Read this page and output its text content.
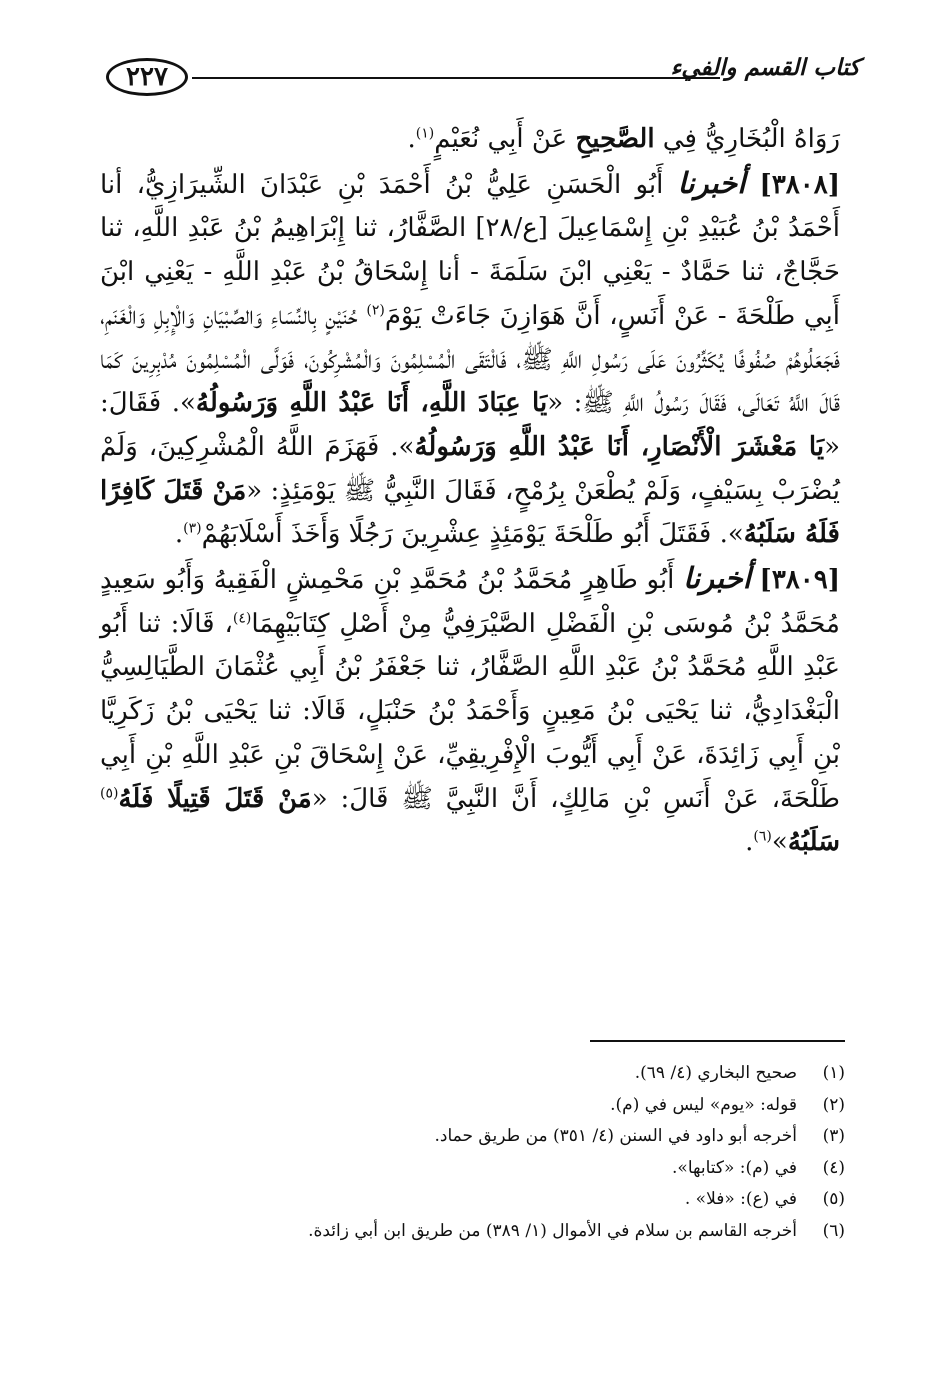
٢٢٧	كتاب القسم والفيء

رَوَاهُ الْبُخَارِيُّ فِي الصَّحِيحِ عَنْ أَبِي نُعَيْمٍ$^{(١)}$.

[٣٨٠٨] أخبرنا أَبُو الْحَسَنِ عَلِيُّ بْنُ أَحْمَدَ بْنِ عَبْدَانَ الشِّيرَازِيُّ، أنا أَحْمَدُ بْنُ عُبَيْدِ بْنِ إِسْمَاعِيلَ [ع/٢٨] الصَّفَّارُ، ثنا إِبْرَاهِيمُ بْنُ عَبْدِ اللَّهِ، ثنا حَجَّاجٌ، ثنا حَمَّادٌ - يَعْنِي ابْنَ سَلَمَةَ - أنا إِسْحَاقُ بْنُ عَبْدِ اللَّهِ - يَعْنِي ابْنَ أَبِي طَلْحَةَ - عَنْ أَنَسٍ، أَنَّ هَوَازِنَ جَاءَتْ يَوْمَ$^{(٢)}$ حُنَيْنٍ بِالنِّسَاءِ وَالصِّبْيَانِ وَالْإِبِلِ وَالْغَنَمِ، فَجَعَلُوهُمْ صُفُوفًا يُكَثِّرُونَ عَلَى رَسُولِ اللَّهِ ﷺ، فَالْتَقَى الْمُسْلِمُونَ وَالْمُشْرِكُونَ، فَوَلَّى الْمُسْلِمُونَ مُدْبِرِينَ كَمَا قَالَ اللَّهُ تَعَالَى، فَقَالَ رَسُولُ اللَّهِ ﷺ: «يَا عِبَادَ اللَّهِ، أَنَا عَبْدُ اللَّهِ وَرَسُولُهُ». فَقَالَ: «يَا مَعْشَرَ الْأَنْصَارِ، أَنَا عَبْدُ اللَّهِ وَرَسُولُهُ». فَهَزَمَ اللَّهُ الْمُشْرِكِينَ، وَلَمْ يُضْرَبْ بِسَيْفٍ، وَلَمْ يُطْعَنْ بِرُمْحٍ، فَقَالَ النَّبِيُّ ﷺ يَوْمَئِذٍ: «مَنْ قَتَلَ كَافِرًا فَلَهُ سَلَبُهُ». فَقَتَلَ أَبُو طَلْحَةَ يَوْمَئِذٍ عِشْرِينَ رَجُلًا وَأَخَذَ أَسْلَابَهُمْ$^{(٣)}$.

[٣٨٠٩] أخبرنا أَبُو طَاهِرٍ مُحَمَّدُ بْنُ مُحَمَّدِ بْنِ مَحْمِشٍ الْفَقِيهُ وَأَبُو سَعِيدٍ مُحَمَّدُ بْنُ مُوسَى بْنِ الْفَضْلِ الصَّيْرَفِيُّ مِنْ أَصْلِ كِتَابَيْهِمَا$^{(٤)}$، قَالَا: ثنا أَبُو عَبْدِ اللَّهِ مُحَمَّدُ بْنُ عَبْدِ اللَّهِ الصَّفَّارُ، ثنا جَعْفَرُ بْنُ أَبِي عُثْمَانَ الطَّيَالِسِيُّ الْبَغْدَادِيُّ، ثنا يَحْيَى بْنُ مَعِينٍ وَأَحْمَدُ بْنُ حَنْبَلٍ، قَالَا: ثنا يَحْيَى بْنُ زَكَرِيَّا بْنِ أَبِي زَائِدَةَ، عَنْ أَبِي أَيُّوبَ الْإِفْرِيقِيِّ، عَنْ إِسْحَاقَ بْنِ عَبْدِ اللَّهِ بْنِ أَبِي طَلْحَةَ، عَنْ أَنَسِ بْنِ مَالِكٍ، أَنَّ النَّبِيَّ ﷺ قَالَ: «مَنْ قَتَلَ قَتِيلًا فَلَهُ$^{(٥)}$ سَلَبُهُ»$^{(٦)}$.

(١)
صحيح البخاري (٤/ ٦٩).
(٢)
قوله: «يوم» ليس في (م).
(٣)
أخرجه أبو داود في السنن (٤/ ٣٥١) من طريق حماد.
(٤)
في (م): «كتابها».
(٥)
في (ع): «فلا» .
(٦)
أخرجه القاسم بن سلام في الأموال (١/ ٣٨٩) من طريق ابن أبي زائدة.
